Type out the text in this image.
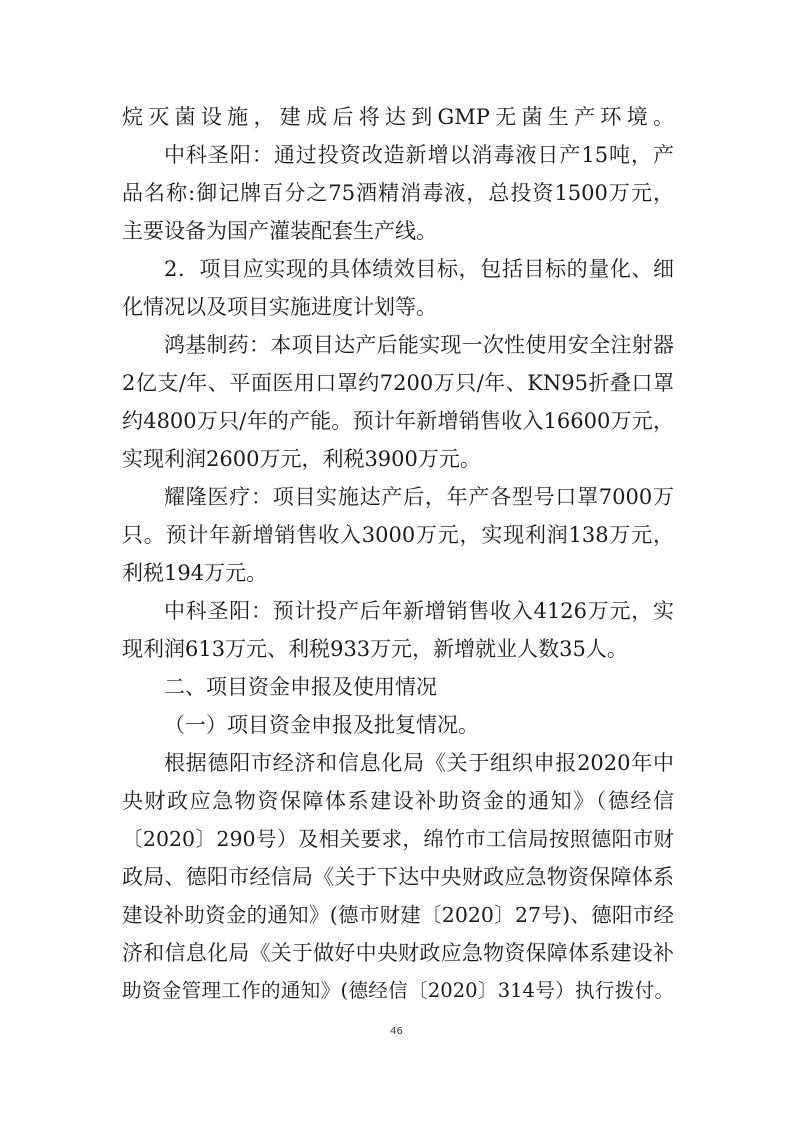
烷灭菌设施，建成后将达到GMP无菌生产环境。
中科圣阳：通过投资改造新增以消毒液日产15吨，产
品名称:御记牌百分之75酒精消毒液，总投资1500万元，
主要设备为国产灌装配套生产线。
2．项目应实现的具体绩效目标，包括目标的量化、细
化情况以及项目实施进度计划等。
鸿基制药：本项目达产后能实现一次性使用安全注射器
2亿支/年、平面医用口罩约7200万只/年、KN95折叠口罩
约4800万只/年的产能。预计年新增销售收入16600万元，
实现利润2600万元，利税3900万元。
耀隆医疗：项目实施达产后，年产各型号口罩7000万
只。预计年新增销售收入3000万元，实现利润138万元，
利税194万元。
中科圣阳：预计投产后年新增销售收入4126万元，实
现利润613万元、利税933万元，新增就业人数35人。
二、项目资金申报及使用情况
（一）项目资金申报及批复情况。
根据德阳市经济和信息化局《关于组织申报2020年中
央财政应急物资保障体系建设补助资金的通知》（德经信
〔2020〕290号）及相关要求，绵竹市工信局按照德阳市财
政局、德阳市经信局《关于下达中央财政应急物资保障体系
建设补助资金的通知》(德市财建〔2020〕27号)、德阳市经
济和信息化局《关于做好中央财政应急物资保障体系建设补
助资金管理工作的通知》(德经信〔2020〕314号）执行拨付。
46
